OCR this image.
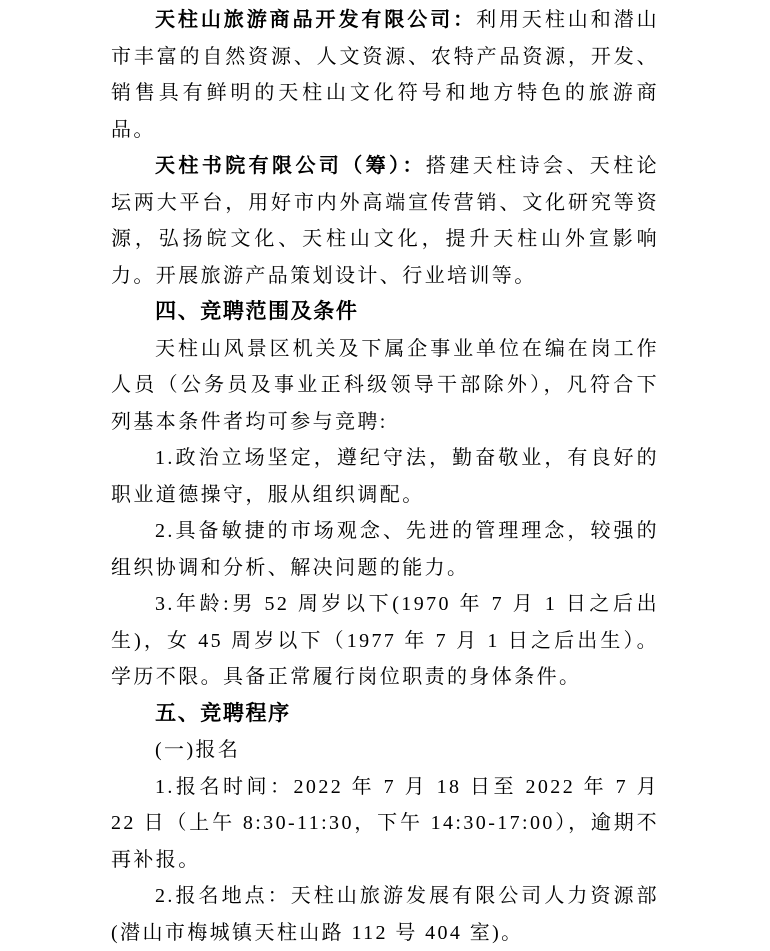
天柱山旅游商品开发有限公司：利用天柱山和潜山市丰富的自然资源、人文资源、农特产品资源，开发、销售具有鲜明的天柱山文化符号和地方特色的旅游商品。

天柱书院有限公司（筹）：搭建天柱诗会、天柱论坛两大平台，用好市内外高端宣传营销、文化研究等资源，弘扬皖文化、天柱山文化，提升天柱山外宣影响力。开展旅游产品策划设计、行业培训等。

四、竞聘范围及条件

天柱山风景区机关及下属企事业单位在编在岗工作人员（公务员及事业正科级领导干部除外），凡符合下列基本条件者均可参与竞聘:

1.政治立场坚定，遵纪守法，勤奋敬业，有良好的职业道德操守，服从组织调配。

2.具备敏捷的市场观念、先进的管理理念，较强的组织协调和分析、解决问题的能力。

3.年龄:男 52 周岁以下(1970 年 7 月 1 日之后出生)，女 45 周岁以下（1977 年 7 月 1 日之后出生）。学历不限。具备正常履行岗位职责的身体条件。

五、竞聘程序

(一)报名

1.报名时间：2022 年 7 月 18 日至 2022 年 7 月 22 日（上午 8:30-11:30，下午 14:30-17:00），逾期不再补报。

2.报名地点：天柱山旅游发展有限公司人力资源部(潜山市梅城镇天柱山路 112 号 404 室)。
